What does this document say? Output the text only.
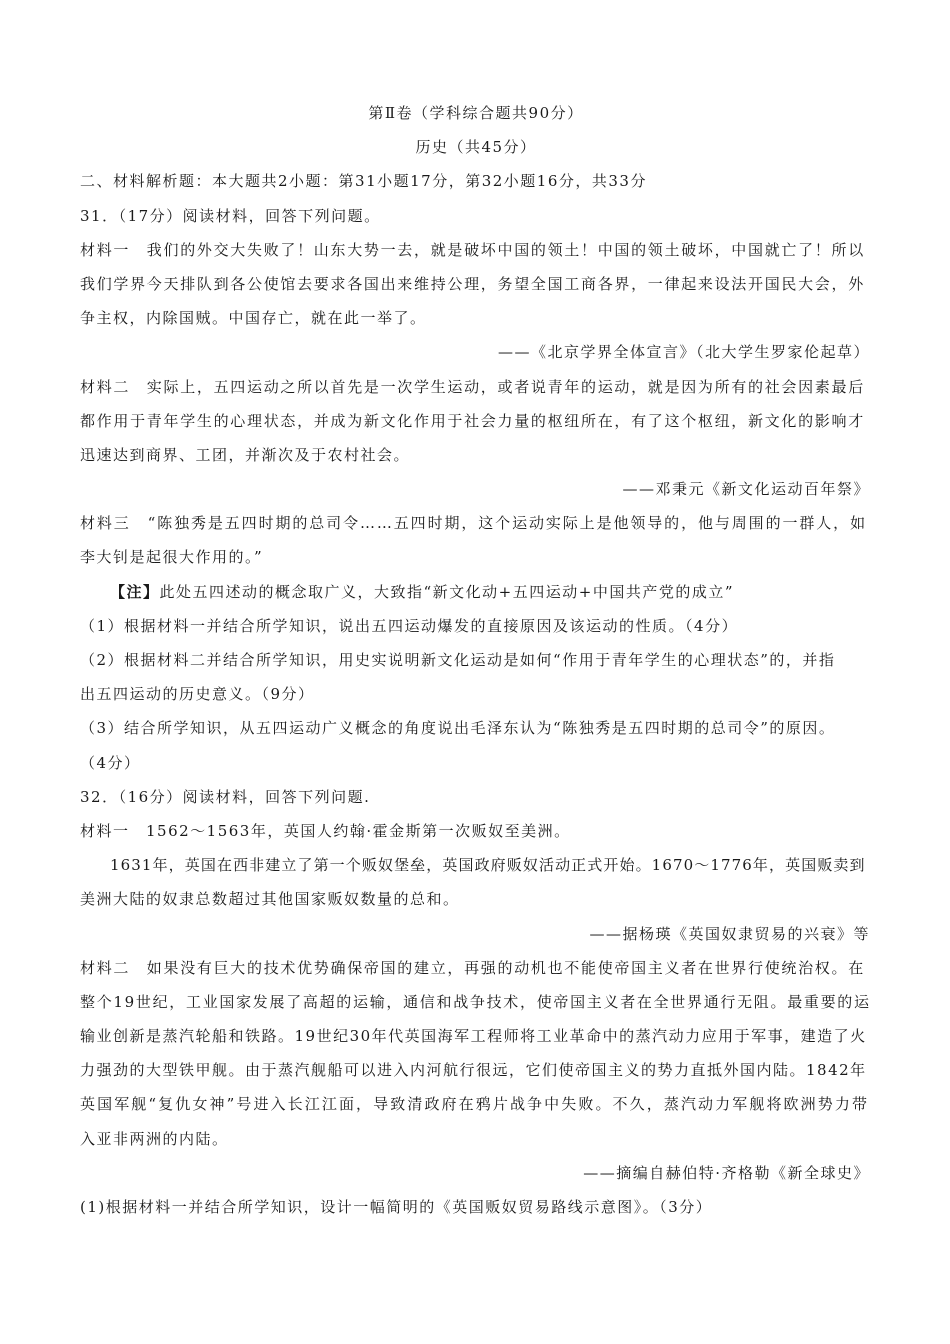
第Ⅱ卷（学科综合题共90分）
历史（共45分）
二、材料解析题：本大题共2小题：第31小题17分，第32小题16分，共33分
31．（17分）阅读材料，回答下列问题。
材料一　我们的外交大失败了！山东大势一去，就是破坏中国的领土！中国的领土破坏，中国就亡了！所以
我们学界今天排队到各公使馆去要求各国出来维持公理，务望全国工商各界，一律起来设法开国民大会，外
争主权，内除国贼。中国存亡，就在此一举了。
——《北京学界全体宣言》（北大学生罗家伦起草）
材料二　实际上，五四运动之所以首先是一次学生运动，或者说青年的运动，就是因为所有的社会因素最后
都作用于青年学生的心理状态，并成为新文化作用于社会力量的枢纽所在，有了这个枢纽，新文化的影响才
迅速达到商界、工团，并渐次及于农村社会。
——邓秉元《新文化运动百年祭》
材料三　“陈独秀是五四时期的总司令……五四时期，这个运动实际上是他领导的，他与周围的一群人，如
李大钊是起很大作用的。”
【注】此处五四述动的概念取广义，大致指“新文化动+五四运动+中国共产党的成立”
（1）根据材料一并结合所学知识，说出五四运动爆发的直接原因及该运动的性质。（4分）
（2）根据材料二并结合所学知识，用史实说明新文化运动是如何“作用于青年学生的心理状态”的，并指
出五四运动的历史意义。（9分）
（3）结合所学知识，从五四运动广义概念的角度说出毛泽东认为“陈独秀是五四时期的总司令”的原因。
（4分）
32．（16分）阅读材料，回答下列问题.
材料一　1562～1563年，英国人约翰·霍金斯第一次贩奴至美洲。
1631年，英国在西非建立了第一个贩奴堡垒，英国政府贩奴活动正式开始。1670～1776年，英国贩卖到
美洲大陆的奴隶总数超过其他国家贩奴数量的总和。
——据杨瑛《英国奴隶贸易的兴衰》等
材料二　如果没有巨大的技术优势确保帝国的建立，再强的动机也不能使帝国主义者在世界行使统治权。在
整个19世纪，工业国家发展了高超的运输，通信和战争技术，使帝国主义者在全世界通行无阻。最重要的运
输业创新是蒸汽轮船和铁路。19世纪30年代英国海军工程师将工业革命中的蒸汽动力应用于军事，建造了火
力强劲的大型铁甲舰。由于蒸汽舰船可以进入内河航行很远，它们使帝国主义的势力直抵外国内陆。1842年
英国军舰“复仇女神”号进入长江江面，导致清政府在鸦片战争中失败。不久，蒸汽动力军舰将欧洲势力带
入亚非两洲的内陆。
——摘编自赫伯特·齐格勒《新全球史》
(1)根据材料一并结合所学知识，设计一幅简明的《英国贩奴贸易路线示意图》。（3分）
